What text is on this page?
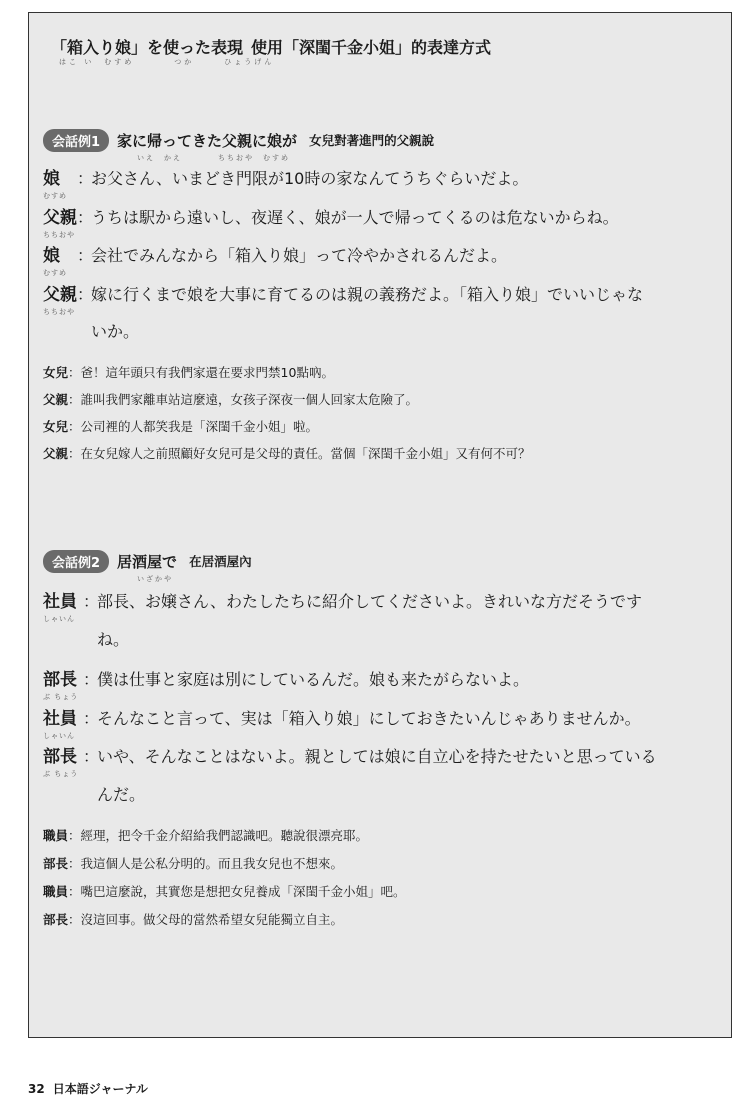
「箱入り娘」を使った表現 使用「深閨千金小姐」的表達方式
はこ い　むすめ　　　　つか　　　ひょうげん
会話例1	家に帰ってきた父親に娘が 女兒對著進門的父親說
いえ　かえ　　　　ちちおや　むすめ
娘	：
お父さん、いまどき門限が10時の家なんてうちぐらいだよ。
むすめ
父親 ：
うちは駅から遠いし、夜遅く、娘が一人で帰ってくるのは危ないからね。
ちちおや
娘	：
会社でみんなから「箱入り娘」って冷やかされるんだよ。
むすめ
父親 ：
嫁に行くまで娘を大事に育てるのは親の義務だよ。「箱入り娘」でいいじゃな
ちちおや
いか。
女兒：爸！這年頭只有我們家還在要求門禁10點吶。
父親：誰叫我們家離車站這麼遠，女孩子深夜一個人回家太危險了。
女兒：公司裡的人都笑我是「深閨千金小姐」啦。
父親：在女兒嫁人之前照顧好女兒可是父母的責任。當個「深閨千金小姐」又有何不可？
会話例2	居酒屋で 在居酒屋內
いざかや
社員 ：
部長、お嬢さん、わたしたちに紹介してくださいよ。きれいな方だそうです
しゃいん
ね。
部長 ：
僕は仕事と家庭は別にしているんだ。娘も来たがらないよ。
ぶ ちょう
社員 ：
そんなこと言って、実は「箱入り娘」にしておきたいんじゃありませんか。
しゃいん
部長 ：
いや、そんなことはないよ。親としては娘に自立心を持たせたいと思っている
ぶ ちょう
んだ。
職員：經理，把令千金介紹給我們認識吧。聽說很漂亮耶。
部長：我這個人是公私分明的。而且我女兒也不想來。
職員：嘴巴這麼說，其實您是想把女兒養成「深閨千金小姐」吧。
部長：沒這回事。做父母的當然希望女兒能獨立自主。
32 日本語ジャーナル
